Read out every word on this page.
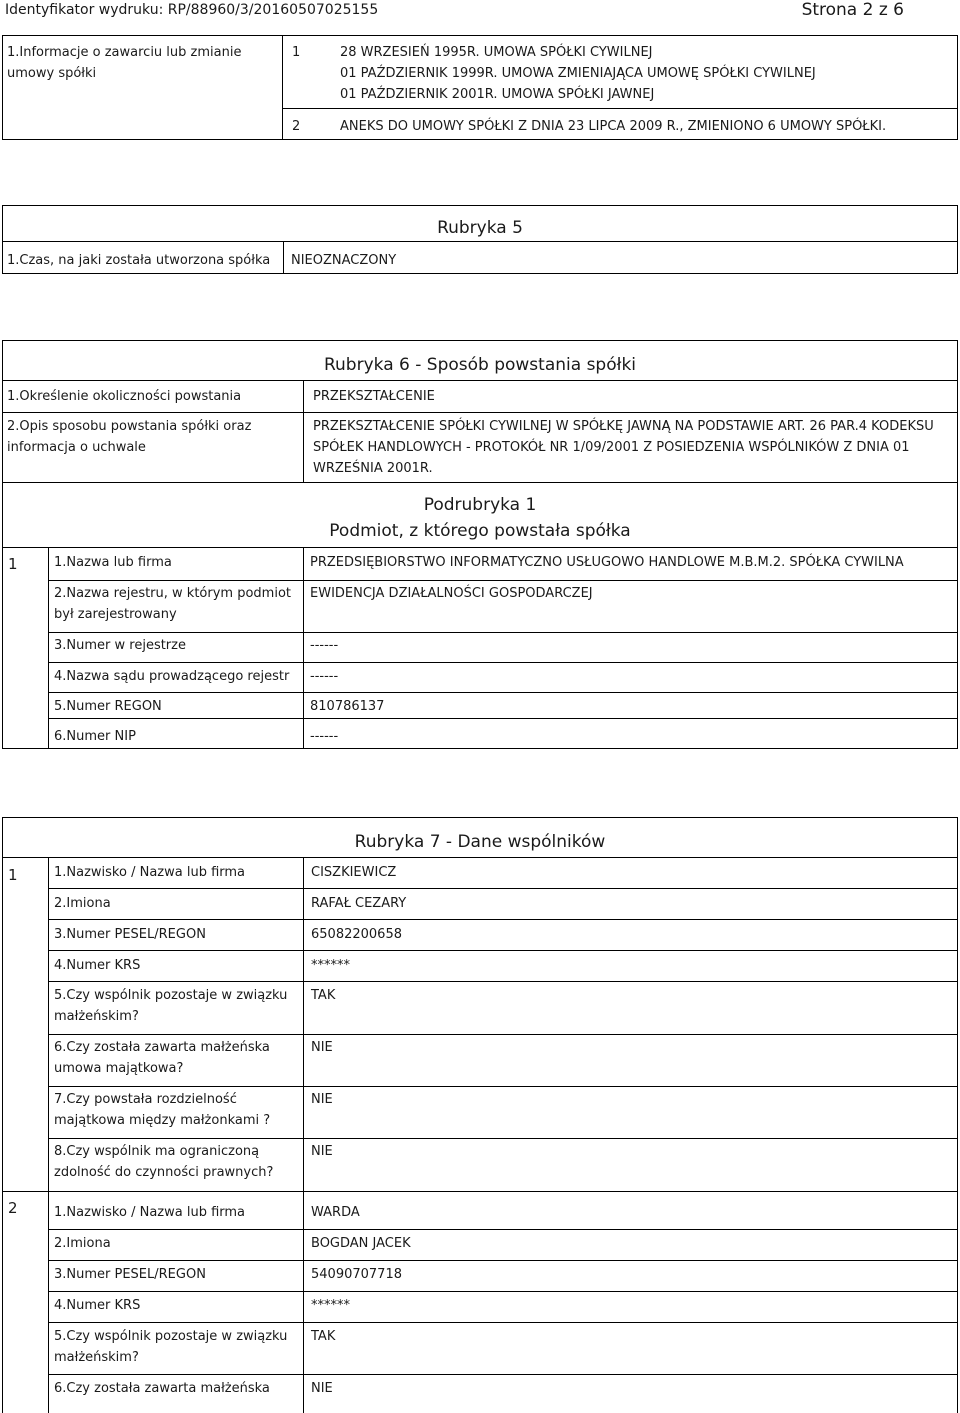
Identyfikator wydruku: RP/88960/3/20160507025155	Strona 2 z 6
1.Informacje o zawarciu lub zmianie
umowy spółki
1	28 WRZESIEŃ 1995R. UMOWA SPÓŁKI CYWILNEJ
01 PAŹDZIERNIK 1999R. UMOWA ZMIENIAJĄCA UMOWĘ SPÓŁKI CYWILNEJ
01 PAŹDZIERNIK 2001R. UMOWA SPÓŁKI JAWNEJ
2	ANEKS DO UMOWY SPÓŁKI Z DNIA 23 LIPCA 2009 R., ZMIENIONO 6 UMOWY SPÓŁKI.
Rubryka 5
1.Czas, na jaki została utworzona spółka NIEOZNACZONY
Rubryka 6 - Sposób powstania spółki
1.Określenie okoliczności powstania	PRZEKSZTAŁCENIE
2.Opis sposobu powstania spółki oraz
informacja o uchwale
PRZEKSZTAŁCENIE SPÓŁKI CYWILNEJ W SPÓŁKĘ JAWNĄ NA PODSTAWIE ART. 26 PAR.4 KODEKSU
SPÓŁEK HANDLOWYCH - PROTOKÓŁ NR 1/09/2001 Z POSIEDZENIA WSPÓLNIKÓW Z DNIA 01
WRZEŚNIA 2001R.
Podrubryka 1
Podmiot, z którego powstała spółka
1	1.Nazwa lub firma	PRZEDSIĘBIORSTWO INFORMATYCZNO USŁUGOWO HANDLOWE M.B.M.2. SPÓŁKA CYWILNA
2.Nazwa rejestru, w którym podmiot
był zarejestrowany
EWIDENCJA DZIAŁALNOŚCI GOSPODARCZEJ
3.Numer w rejestrze	------
4.Nazwa sądu prowadzącego rejestr ------
5.Numer REGON	810786137
6.Numer NIP	------
Rubryka 7 - Dane wspólników
1	1.Nazwisko / Nazwa lub firma	CISZKIEWICZ
2.Imiona	RAFAŁ CEZARY
3.Numer PESEL/REGON	65082200658
4.Numer KRS	******
5.Czy wspólnik pozostaje w związku
małżeńskim?
TAK
6.Czy została zawarta małżeńska
umowa majątkowa?
NIE
7.Czy powstała rozdzielność
majątkowa między małżonkami ?
NIE
8.Czy wspólnik ma ograniczoną
zdolność do czynności prawnych?
NIE
2	1.Nazwisko / Nazwa lub firma	WARDA
2.Imiona	BOGDAN JACEK
3.Numer PESEL/REGON	54090707718
4.Numer KRS	******
5.Czy wspólnik pozostaje w związku
małżeńskim?
TAK
6.Czy została zawarta małżeńska	NIE
